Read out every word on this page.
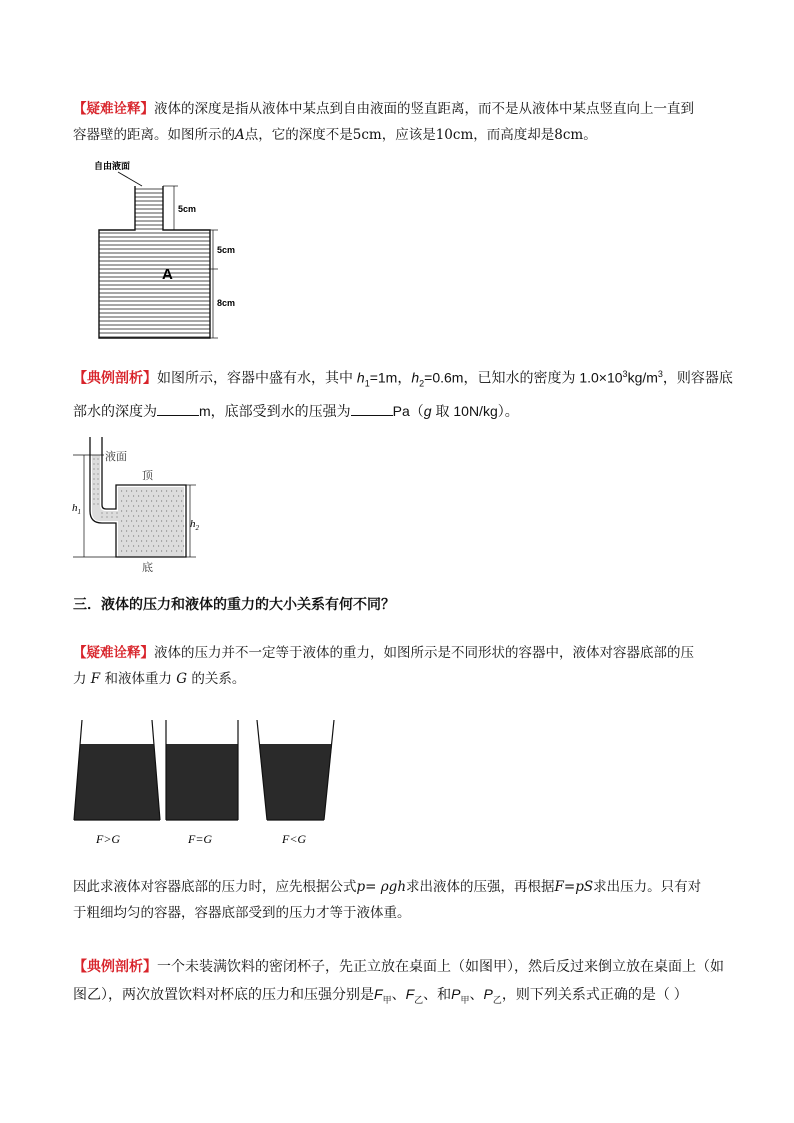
【疑难诠释】液体的深度是指从液体中某点到自由液面的竖直距离，而不是从液体中某点竖直向上一直到
容器壁的距离。如图所示的A点，它的深度不是5cm，应该是10cm，而高度却是8cm。

自由液面
5cm
5cm
8cm
A

【典例剖析】如图所示，容器中盛有水，其中 $h_1=1m$，$h_2=0.6m$，已知水的密度为 $1.0\times 10^3kg/m^3$，则容器底
部水的深度为	m，底部受到水的压强为	Pa（g 取 10N/kg）。

液面
顶
底
$h_1$
$h_2$

三．液体的压力和液体的重力的大小关系有何不同？

【疑难诠释】液体的压力并不一定等于液体的重力，如图所示是不同形状的容器中，液体对容器底部的压
力 F 和液体重力 G 的关系。

F>G	F=G	F<G

因此求液体对容器底部的压力时，应先根据公式p= ρgh求出液体的压强，再根据F=pS求出压力。只有对
于粗细均匀的容器，容器底部受到的压力才等于液体重。

【典例剖析】一个未装满饮料的密闭杯子，先正立放在桌面上（如图甲），然后反过来倒立放在桌面上（如
图乙），两次放置饮料对杯底的压力和压强分别是$F_甲$、$F_乙$、和$P_甲$、$P_乙$，则下列关系式正确的是（ ）
